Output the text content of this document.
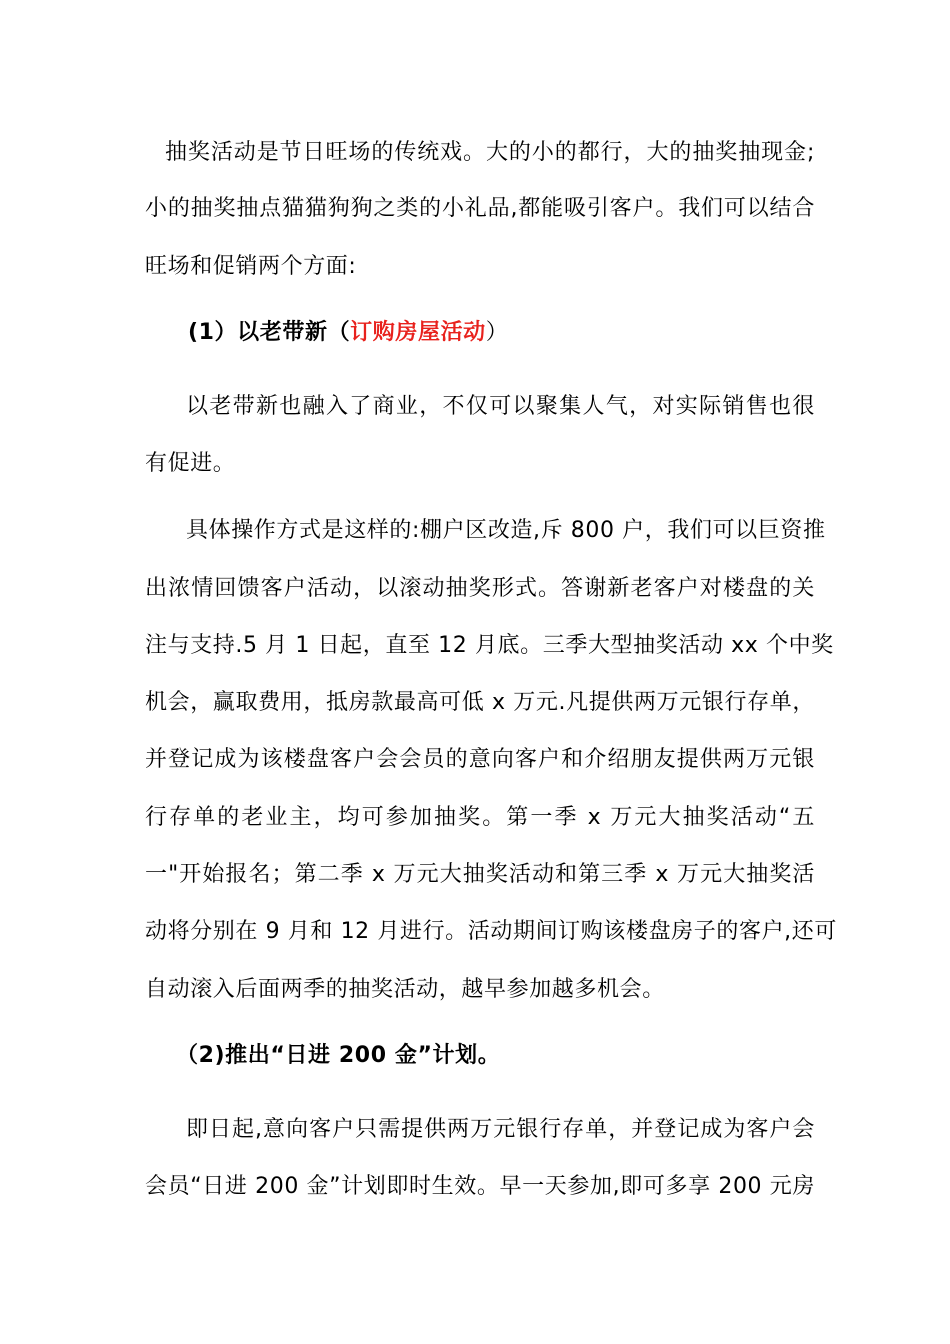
抽奖活动是节日旺场的传统戏。大的小的都行，大的抽奖抽现金;
小的抽奖抽点猫猫狗狗之类的小礼品,都能吸引客户。我们可以结合
旺场和促销两个方面:
(1）以老带新（订购房屋活动）
以老带新也融入了商业，不仅可以聚集人气，对实际销售也很
有促进。
具体操作方式是这样的:棚户区改造,斥 800 户，我们可以巨资推
出浓情回馈客户活动，以滚动抽奖形式。答谢新老客户对楼盘的关
注与支持.5 月 1 日起，直至 12 月底。三季大型抽奖活动 xx 个中奖
机会，赢取费用，抵房款最高可低 x 万元.凡提供两万元银行存单，
并登记成为该楼盘客户会会员的意向客户和介绍朋友提供两万元银
行存单的老业主，均可参加抽奖。第一季 x 万元大抽奖活动“五
一"开始报名；第二季 x 万元大抽奖活动和第三季 x 万元大抽奖活
动将分别在 9 月和 12 月进行。活动期间订购该楼盘房子的客户,还可
自动滚入后面两季的抽奖活动，越早参加越多机会。
（2)推出“日进 200 金”计划。
即日起,意向客户只需提供两万元银行存单，并登记成为客户会
会员“日进 200 金”计划即时生效。早一天参加,即可多享 200 元房
